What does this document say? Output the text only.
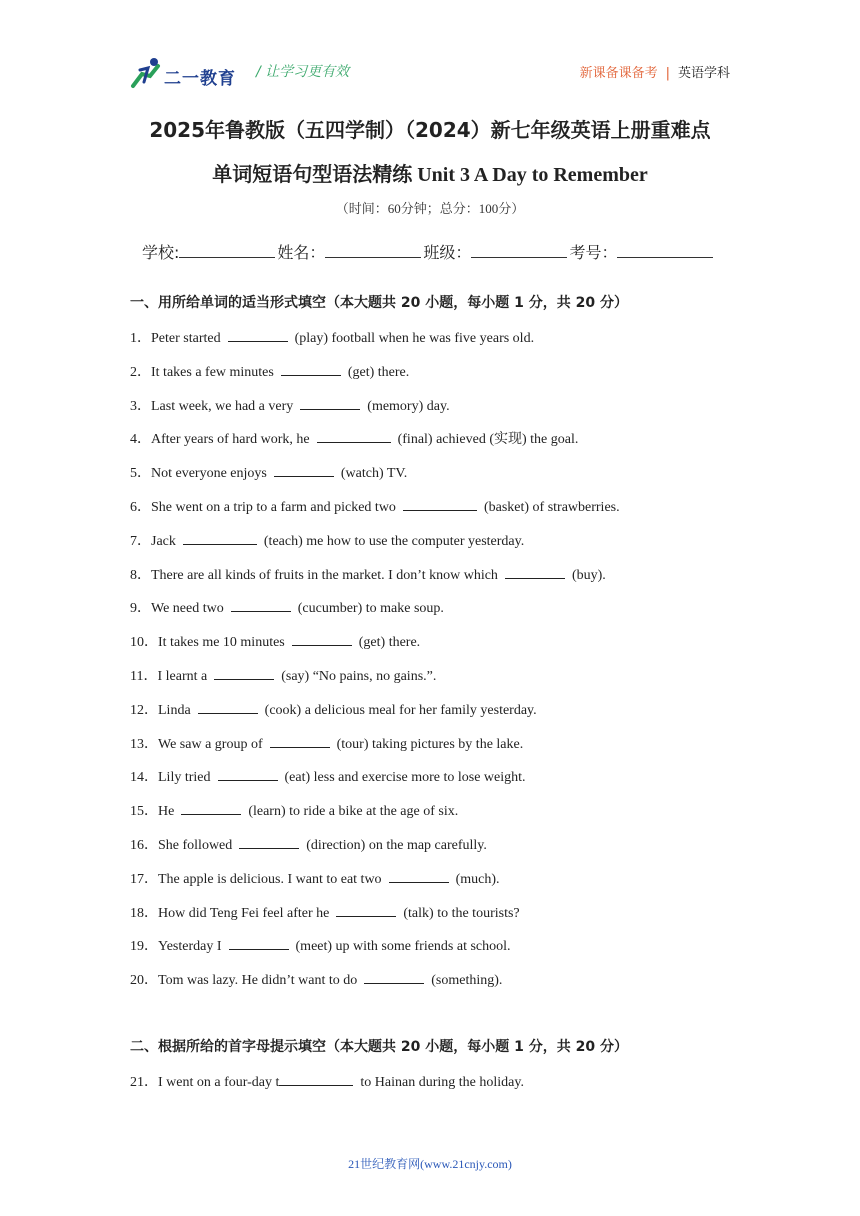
二一教育 / 让学习更有效	新课备课备考 | 英语学科
2025年鲁教版（五四学制）（2024）新七年级英语上册重难点
单词短语句型语法精练 Unit 3 A Day to Remember
（时间：60分钟；总分：100分）
学校:	姓名：	班级：	考号：
一、用所给单词的适当形式填空（本大题共 20 小题，每小题 1 分，共 20 分）
1．Peter started	(play) football when he was five years old.
2．It takes a few minutes	(get) there.
3．Last week, we had a very	(memory) day.
4．After years of hard work, he	(final) achieved (实现) the goal.
5．Not everyone enjoys	(watch) TV.
6．She went on a trip to a farm and picked two	(basket) of strawberries.
7．Jack	(teach) me how to use the computer yesterday.
8．There are all kinds of fruits in the market. I don’t know which	(buy).
9．We need two	(cucumber) to make soup.
10．It takes me 10 minutes	(get) there.
11．I learnt a	(say) “No pains, no gains.”.
12．Linda	(cook) a delicious meal for her family yesterday.
13．We saw a group of	(tour) taking pictures by the lake.
14．Lily tried	(eat) less and exercise more to lose weight.
15．He	(learn) to ride a bike at the age of six.
16．She followed	(direction) on the map carefully.
17．The apple is delicious. I want to eat two	(much).
18．How did Teng Fei feel after he	(talk) to the tourists?
19．Yesterday I	(meet) up with some friends at school.
20．Tom was lazy. He didn’t want to do	(something).
二、根据所给的首字母提示填空（本大题共 20 小题，每小题 1 分，共 20 分）
21．I went on a four-day t	to Hainan during the holiday.
21世纪教育网(www.21cnjy.com)
